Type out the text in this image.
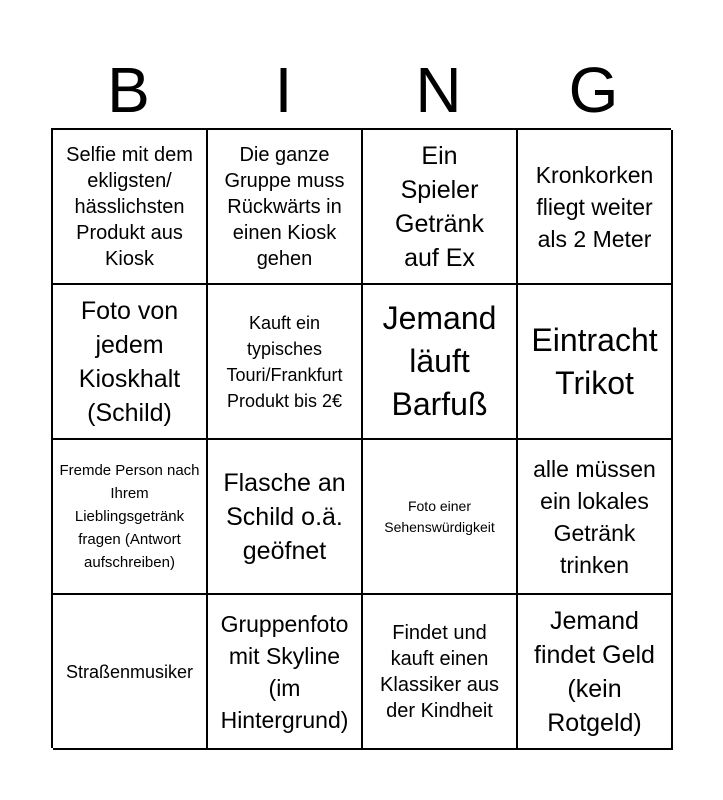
B	I	N	G
Selfie mit dem ekligsten/ hässlichsten Produkt aus Kiosk
Die ganze Gruppe muss Rückwärts in einen Kiosk gehen
Ein Spieler Getränk auf Ex
Kronkorken fliegt weiter als 2 Meter
Foto von jedem Kioskhalt (Schild)
Kauft ein typisches Touri/Frankfurt Produkt bis 2€
Jemand läuft Barfuß
Eintracht Trikot
Fremde Person nach Ihrem Lieblingsgetränk fragen (Antwort aufschreiben)
Flasche an Schild o.ä. geöfnet
Foto einer Sehenswürdigkeit
alle müssen ein lokales Getränk trinken
Straßenmusiker
Gruppenfoto mit Skyline (im Hintergrund)
Findet und kauft einen Klassiker aus der Kindheit
Jemand findet Geld (kein Rotgeld)
